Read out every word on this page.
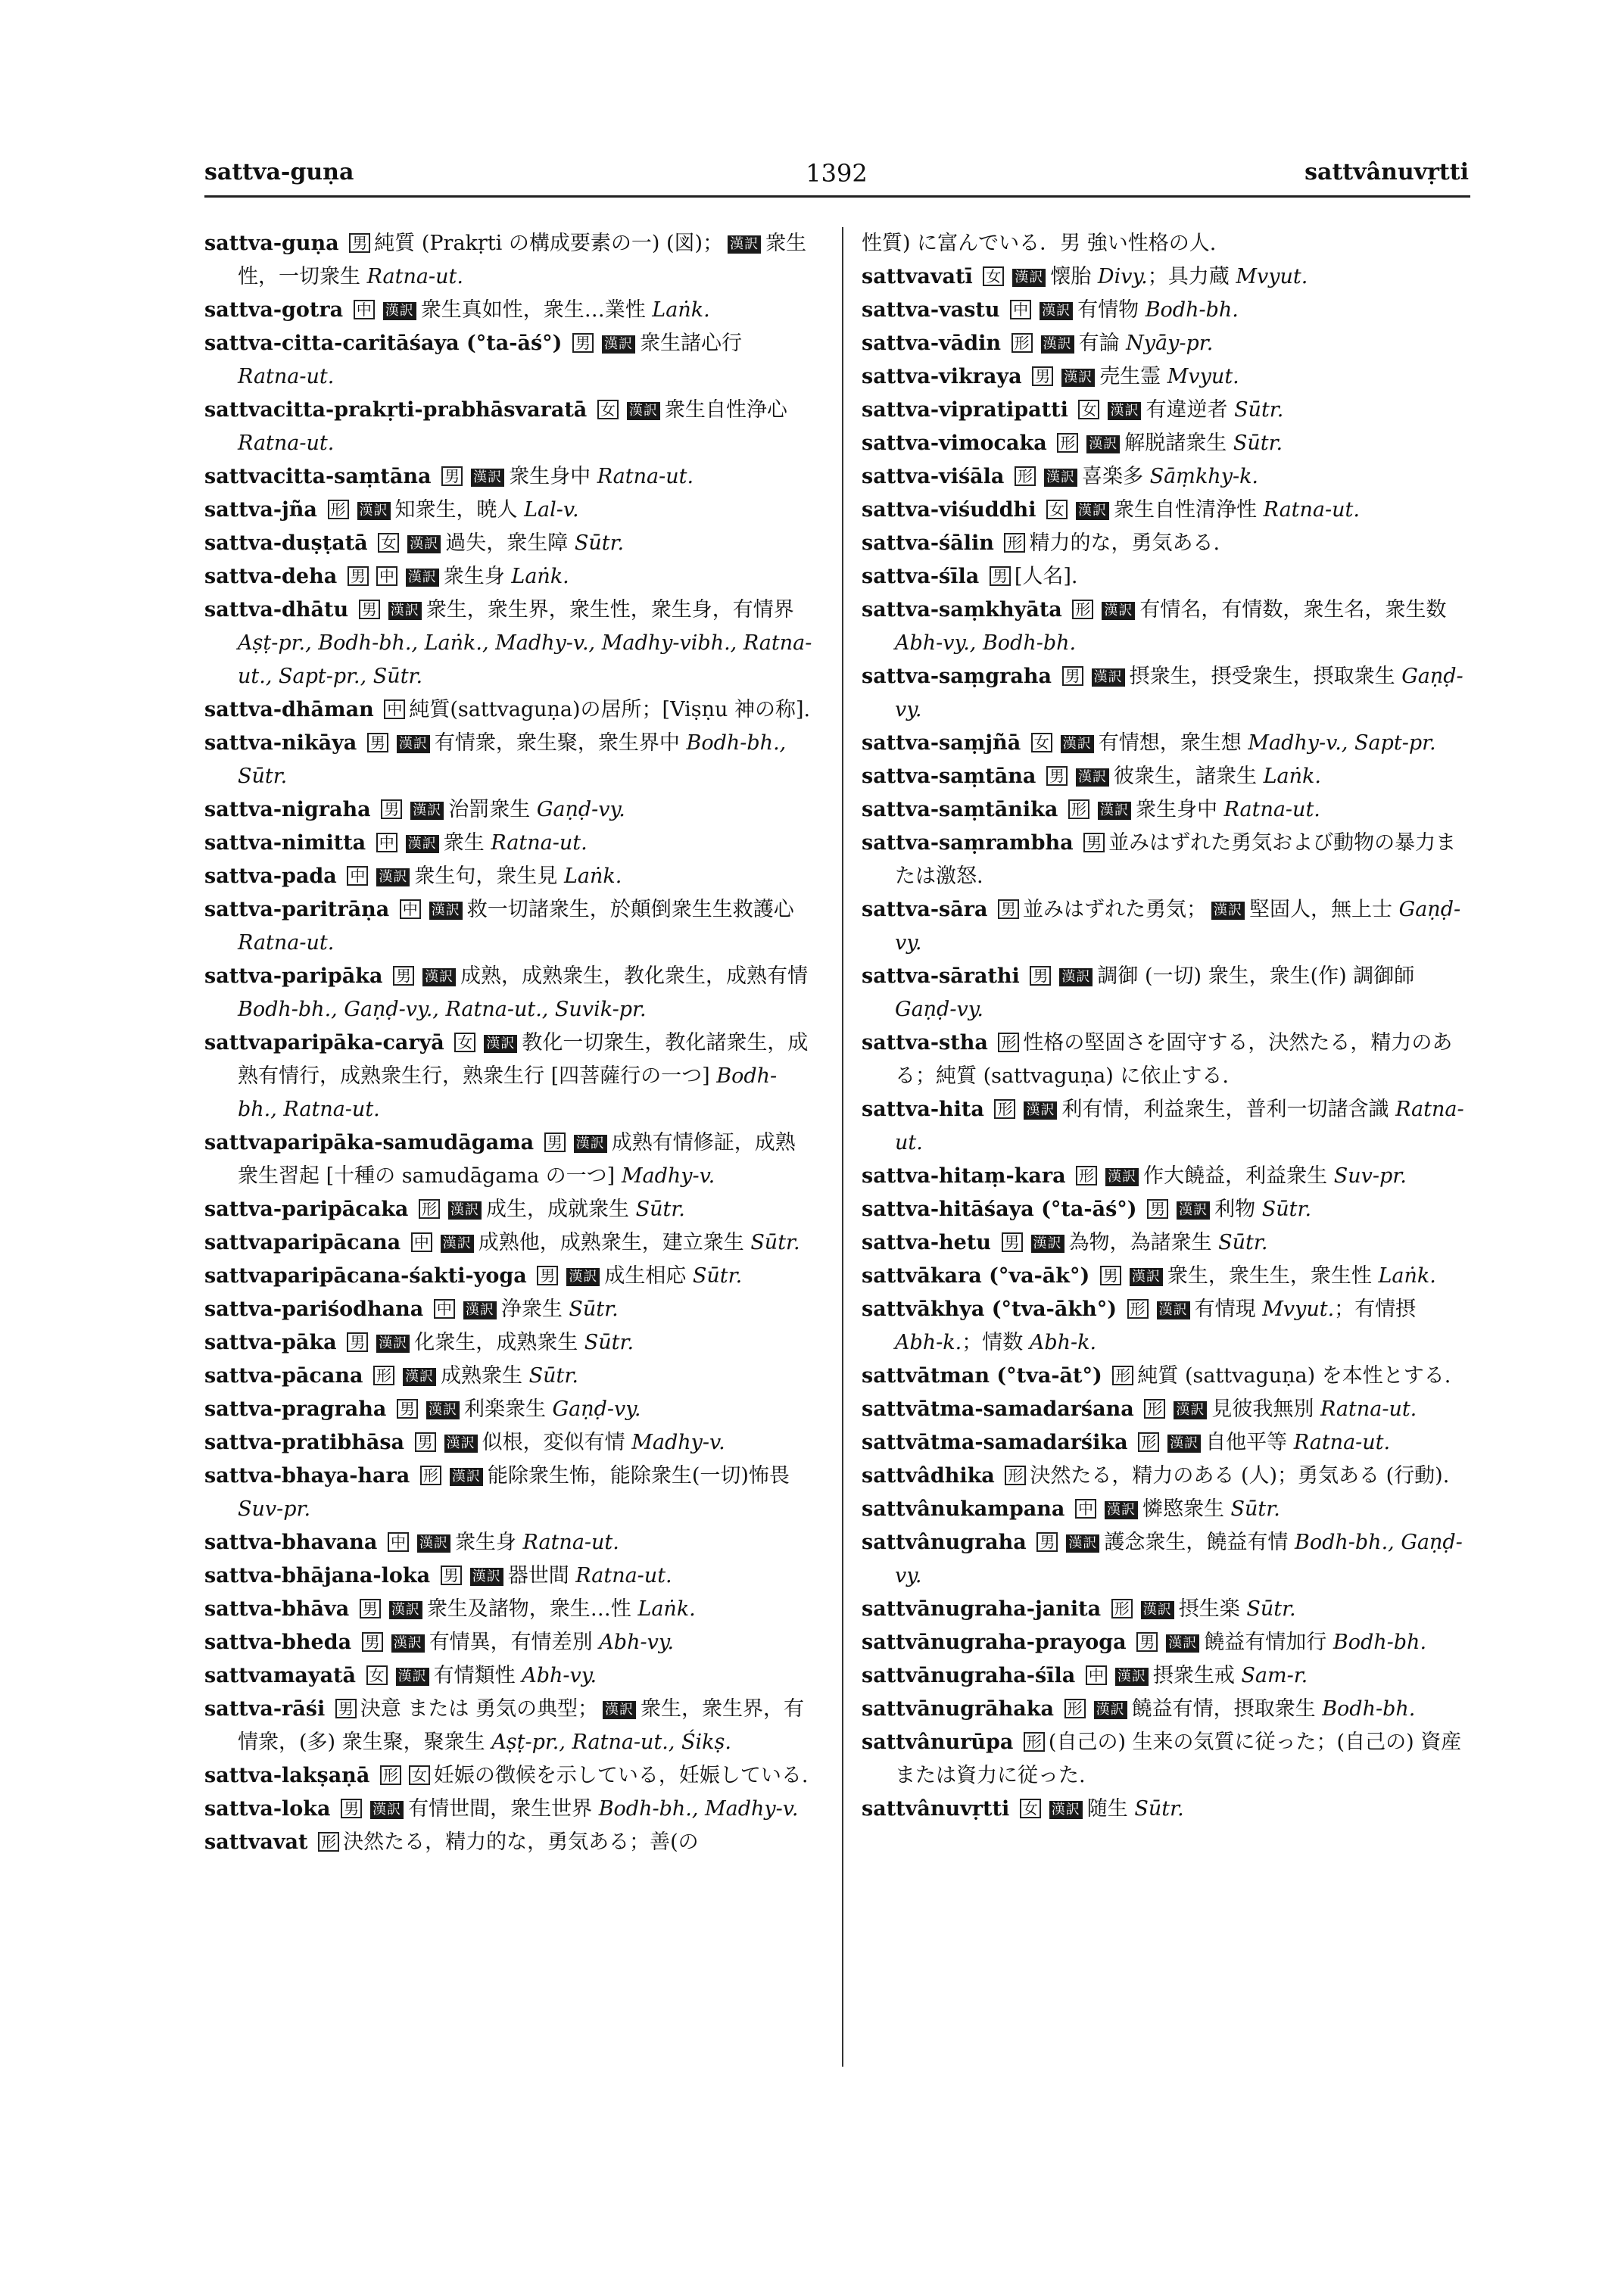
sattva-guṇa	1392	sattvânuvṛtti
sattva-guṇa 男 純質 (Prakṛti の構成要素の一) (図)； 漢訳 衆生性，一切衆生 Ratna-ut.
sattva-gotra 中 漢訳 衆生真如性，衆生…業性 Laṅk.
sattva-citta-caritāśaya (°ta-āś°) 男 漢訳 衆生諸心行 Ratna-ut.
sattvacitta-prakṛti-prabhāsvaratā 女 漢訳 衆生自性浄心 Ratna-ut.
sattvacitta-saṃtāna 男 漢訳 衆生身中 Ratna-ut.
sattva-jña 形 漢訳 知衆生，暁人 Lal-v.
sattva-duṣṭatā 女 漢訳 過失，衆生障 Sūtr.
sattva-deha 男 中 漢訳 衆生身 Laṅk.
sattva-dhātu 男 漢訳 衆生，衆生界，衆生性，衆生身，有情界 Aṣṭ-pr., Bodh-bh., Laṅk., Madhy-v., Madhy-vibh., Ratna-ut., Sapt-pr., Sūtr.
sattva-dhāman 中 純質(sattvaguṇa)の居所；[Viṣṇu 神の称].
sattva-nikāya 男 漢訳 有情衆，衆生聚，衆生界中 Bodh-bh., Sūtr.
sattva-nigraha 男 漢訳 治罰衆生 Gaṇḍ-vy.
sattva-nimitta 中 漢訳 衆生 Ratna-ut.
sattva-pada 中 漢訳 衆生句，衆生見 Laṅk.
sattva-paritrāṇa 中 漢訳 救一切諸衆生，於顛倒衆生生救護心 Ratna-ut.
sattva-paripāka 男 漢訳 成熟，成熟衆生，教化衆生，成熟有情 Bodh-bh., Gaṇḍ-vy., Ratna-ut., Suvik-pr.
sattvaparipāka-caryā 女 漢訳 教化一切衆生，教化諸衆生，成熟有情行，成熟衆生行，熟衆生行 [四菩薩行の一つ] Bodh-bh., Ratna-ut.
sattvaparipāka-samudāgama 男 漢訳 成熟有情修証，成熟衆生習起 [十種の samudāgama の一つ] Madhy-v.
sattva-paripācaka 形 漢訳 成生，成就衆生 Sūtr.
sattvaparipācana 中 漢訳 成熟他，成熟衆生，建立衆生 Sūtr.
sattvaparipācana-śakti-yoga 男 漢訳 成生相応 Sūtr.
sattva-pariśodhana 中 漢訳 浄衆生 Sūtr.
sattva-pāka 男 漢訳 化衆生，成熟衆生 Sūtr.
sattva-pācana 形 漢訳 成熟衆生 Sūtr.
sattva-pragraha 男 漢訳 利楽衆生 Gaṇḍ-vy.
sattva-pratibhāsa 男 漢訳 似根，変似有情 Madhy-v.
sattva-bhaya-hara 形 漢訳 能除衆生怖，能除衆生(一切)怖畏 Suv-pr.
sattva-bhavana 中 漢訳 衆生身 Ratna-ut.
sattva-bhājana-loka 男 漢訳 器世間 Ratna-ut.
sattva-bhāva 男 漢訳 衆生及諸物，衆生…性 Laṅk.
sattva-bheda 男 漢訳 有情異，有情差別 Abh-vy.
sattvamayatā 女 漢訳 有情類性 Abh-vy.
sattva-rāśi 男 決意 または 勇気の典型； 漢訳 衆生，衆生界，有情衆，(多) 衆生聚，聚衆生 Aṣṭ-pr., Ratna-ut., Śikṣ.
sattva-lakṣaṇā 形 女 妊娠の徴候を示している，妊娠している.
sattva-loka 男 漢訳 有情世間，衆生世界 Bodh-bh., Madhy-v.
sattvavat 形 決然たる，精力的な，勇気ある；善(の
性質) に富んでいる．男 強い性格の人.
sattvavatī 女 漢訳 懐胎 Divy.；具力蔵 Mvyut.
sattva-vastu 中 漢訳 有情物 Bodh-bh.
sattva-vādin 形 漢訳 有論 Nyāy-pr.
sattva-vikraya 男 漢訳 売生霊 Mvyut.
sattva-vipratipatti 女 漢訳 有違逆者 Sūtr.
sattva-vimocaka 形 漢訳 解脱諸衆生 Sūtr.
sattva-viśāla 形 漢訳 喜楽多 Sāṃkhy-k.
sattva-viśuddhi 女 漢訳 衆生自性清浄性 Ratna-ut.
sattva-śālin 形 精力的な，勇気ある.
sattva-śīla 男 [人名].
sattva-saṃkhyāta 形 漢訳 有情名，有情数，衆生名，衆生数 Abh-vy., Bodh-bh.
sattva-saṃgraha 男 漢訳 摂衆生，摂受衆生，摂取衆生 Gaṇḍ-vy.
sattva-saṃjñā 女 漢訳 有情想，衆生想 Madhy-v., Sapt-pr.
sattva-saṃtāna 男 漢訳 彼衆生，諸衆生 Laṅk.
sattva-saṃtānika 形 漢訳 衆生身中 Ratna-ut.
sattva-saṃrambha 男 並みはずれた勇気および動物の暴力または激怒.
sattva-sāra 男 並みはずれた勇気； 漢訳 堅固人，無上士 Gaṇḍ-vy.
sattva-sārathi 男 漢訳 調御 (一切) 衆生，衆生(作) 調御師 Gaṇḍ-vy.
sattva-stha 形 性格の堅固さを固守する，決然たる，精力のある；純質 (sattvaguṇa) に依止する.
sattva-hita 形 漢訳 利有情，利益衆生，普利一切諸含識 Ratna-ut.
sattva-hitaṃ-kara 形 漢訳 作大饒益，利益衆生 Suv-pr.
sattva-hitāśaya (°ta-āś°) 男 漢訳 利物 Sūtr.
sattva-hetu 男 漢訳 為物，為諸衆生 Sūtr.
sattvākara (°va-āk°) 男 漢訳 衆生，衆生生，衆生性 Laṅk.
sattvākhya (°tva-ākh°) 形 漢訳 有情現 Mvyut.；有情摂 Abh-k.；情数 Abh-k.
sattvātman (°tva-āt°) 形 純質 (sattvaguṇa) を本性とする.
sattvātma-samadarśana 形 漢訳 見彼我無別 Ratna-ut.
sattvātma-samadarśika 形 漢訳 自他平等 Ratna-ut.
sattvâdhika 形 決然たる，精力のある (人)；勇気ある (行動).
sattvânukampana 中 漢訳 憐愍衆生 Sūtr.
sattvânugraha 男 漢訳 護念衆生，饒益有情 Bodh-bh., Gaṇḍ-vy.
sattvānugraha-janita 形 漢訳 摂生楽 Sūtr.
sattvānugraha-prayoga 男 漢訳 饒益有情加行 Bodh-bh.
sattvānugraha-śīla 中 漢訳 摂衆生戒 Sam-r.
sattvānugrāhaka 形 漢訳 饒益有情，摂取衆生 Bodh-bh.
sattvânurūpa 形 (自己の) 生来の気質に従った；(自己の) 資産または資力に従った.
sattvânuvṛtti 女 漢訳 随生 Sūtr.
